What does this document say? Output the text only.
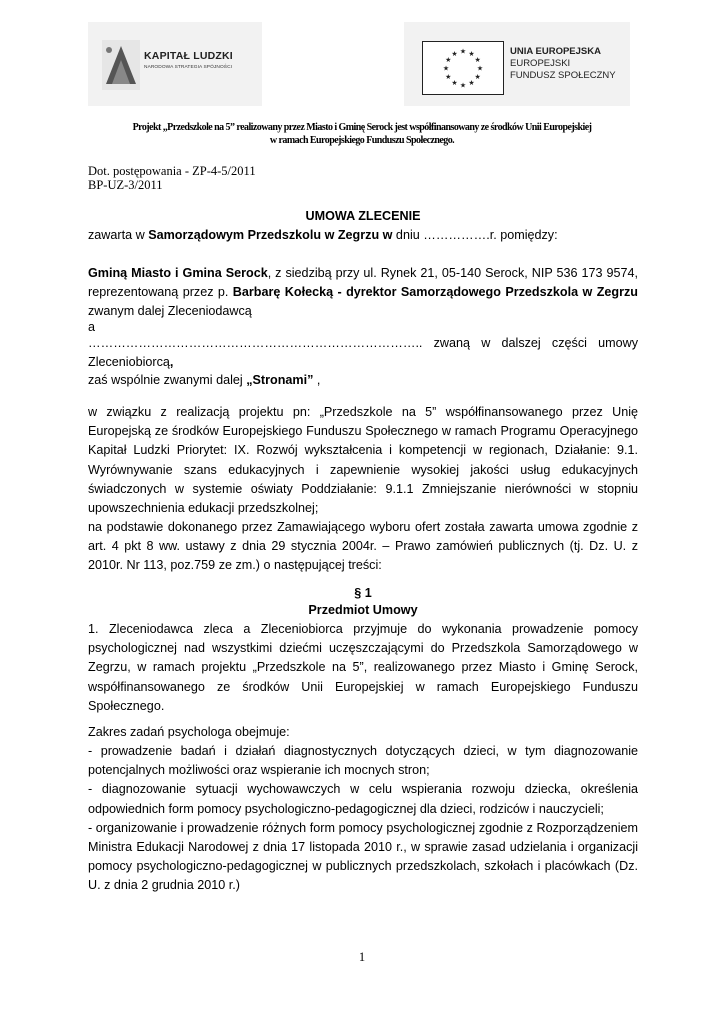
KAPITAŁ LUDZKI
NARODOWA STRATEGIA SPÓJNOŚCI
★ ★
★
★
★
★
★
★
★
★
★
★	UNIA EUROPEJSKA
EUROPEJSKI
FUNDUSZ SPOŁECZNY
Projekt „Przedszkole na 5” realizowany przez Miasto i Gminę Serock jest współfinansowany ze środków Unii Europejskiej
w ramach Europejskiego Funduszu Społecznego.
Dot. postępowania - ZP-4-5/2011
BP-UZ-3/2011
UMOWA ZLECENIE
zawarta w Samorządowym Przedszkolu w Zegrzu w dniu …………….r. pomiędzy:
Gminą Miasto i Gmina Serock, z siedzibą przy ul. Rynek 21, 05-140 Serock, NIP 536 173 9574, reprezentowaną przez p. Barbarę Kołecką - dyrektor Samorządowego Przedszkola w Zegrzu zwanym dalej Zleceniodawcą
a
…………………………………………………………………….. zwaną w dalszej części umowy
Zleceniobiorcą,
zaś wspólnie zwanymi dalej „Stronami” ,
w związku z realizacją projektu pn: „Przedszkole na 5” współfinansowanego przez Unię Europejską ze środków Europejskiego Funduszu Społecznego w ramach Programu Operacyjnego Kapitał Ludzki Priorytet: IX. Rozwój wykształcenia i kompetencji w regionach, Działanie: 9.1. Wyrównywanie szans edukacyjnych i zapewnienie wysokiej jakości usług edukacyjnych świadczonych w systemie oświaty Poddziałanie: 9.1.1 Zmniejszanie nierówności w stopniu upowszechnienia edukacji przedszkolnej;
na podstawie dokonanego przez Zamawiającego wyboru ofert została zawarta umowa zgodnie z art. 4 pkt 8 ww. ustawy z dnia 29 stycznia 2004r. – Prawo zamówień publicznych (tj. Dz. U. z 2010r. Nr 113, poz.759 ze zm.) o następującej treści:
§ 1
Przedmiot Umowy
1. Zleceniodawca zleca a Zleceniobiorca przyjmuje do wykonania prowadzenie pomocy psychologicznej nad wszystkimi dziećmi uczęszczającymi do Przedszkola Samorządowego w Zegrzu, w ramach projektu „Przedszkole na 5”, realizowanego przez Miasto i Gminę Serock, współfinansowanego ze środków Unii Europejskiej w ramach Europejskiego Funduszu Społecznego.
Zakres zadań psychologa obejmuje:

- prowadzenie badań i działań diagnostycznych dotyczących dzieci, w tym diagnozowanie potencjalnych możliwości oraz wspieranie ich mocnych stron;

- diagnozowanie sytuacji wychowawczych w celu wspierania rozwoju dziecka, określenia odpowiednich form pomocy psychologiczno-pedagogicznej dla dzieci, rodziców i nauczycieli;

- organizowanie i prowadzenie różnych form pomocy psychologicznej zgodnie z Rozporządzeniem Ministra Edukacji Narodowej z dnia 17 listopada 2010 r., w sprawie zasad udzielania i organizacji pomocy psychologiczno-pedagogicznej w publicznych przedszkolach, szkołach i placówkach (Dz. U. z dnia 2 grudnia 2010 r.)

1
